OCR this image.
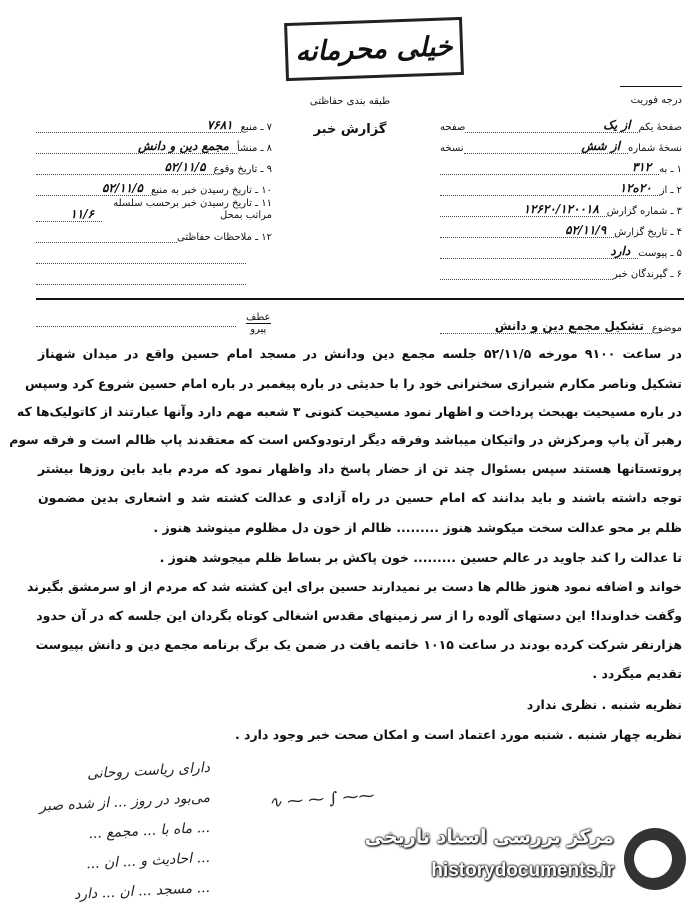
خیلی محرمانه
طبقه بندی حفاظتی
گزارش خبر
درجه فوریت
صفحهٔ یکم
از یک
صفحه
نسخهٔ شماره
از شش
نسخه
۱ ـ به
۳۱۲
۲ ـ از
۲۰ه۱۲
۳ ـ شماره گزارش
۱۲۶۲۰/۱۲۰۰۱۸
۴ ـ تاریخ گزارش
۵۲/۱۱/۹
۵ ـ پیوست
دارد
۶ ـ گیرندگان خبر
۷ ـ منبع
۷۶۸۱
۸ ـ منشأ
مجمع دین و دانش
۹ ـ تاریخ وقوع
۵۲/۱۱/۵
۱۰ ـ تاریخ رسیدن خبر به منبع
۵۲/۱۱/۵
۱۱ ـ تاریخ رسیدن خبر برحسب سلسله مراتب بمحل
۱۱/۶
۱۲ ـ ملاحظات حفاظتی
موضوع
تشکیل مجمع دین و دانش
عطف
پیرو
در ساعت ۹۱۰۰ مورخه ۵۲/۱۱/۵ جلسه مجمع دین ودانش در مسجد امام حسین واقع در میدان شهناز
تشکیل وناصر مکارم شیرازی سخنرانی خود را با حدیثی در باره پیغمبر در باره امام حسین شروع کرد وسپس
در باره مسیحیت بهبحث پرداخت و اظهار نمود مسیحیت کنونی ۳ شعبه مهم دارد وآنها عبارتند از کاتولیک‌ها که
رهبر آن پاپ ومرکزش در واتیکان میباشد وفرقه دیگر ارتودوکس است که معتقدند پاپ ظالم است و فرقه سوم
پروتستانها هستند سپس بسئوال چند تن از حضار پاسخ داد واظهار نمود که مردم باید باین روزها بیشتر
توجه داشته باشند و باید بدانند که امام حسین در راه آزادی و عدالت کشته شد و اشعاری بدین مضمون
ظلم بر محو عدالت سخت میکوشد هنوز ......... ظالم از خون دل مظلوم مینوشد هنوز .
تا عدالت را کند جاوید در عالم حسین ......... خون پاکش بر بساط ظلم میجوشد هنوز .
خواند و اضافه نمود هنوز ظالم ها دست بر نمیدارند حسین برای این کشته شد که مردم از او سرمشق بگیرند
وگفت خداوندا! این دستهای آلوده را از سر زمینهای مقدس اشغالی کوتاه بگردان این جلسه که در آن حدود
هزارنفر شرکت کرده بودند در ساعت ۱۰۱۵ خاتمه یافت در ضمن یک برگ برنامه مجمع دین و دانش بپیوست
تقدیم میگردد .
نظریه شنبه . نظری ندارد
نظریه چهار شنبه . شنبه مورد اعتماد است و امکان صحت خبر وجود دارد .
دارای ریاست روحانی
می‌بود در روز ... از شده صبر
... ماه با ... مجمع ...
... احادیث و ... ان ...
... مسجد ... ان ... دارد
⁓⁓ ∫ ⁓ ⁓ ∿
مرکز بررسی اسناد تاریخی
historydocuments.ir
